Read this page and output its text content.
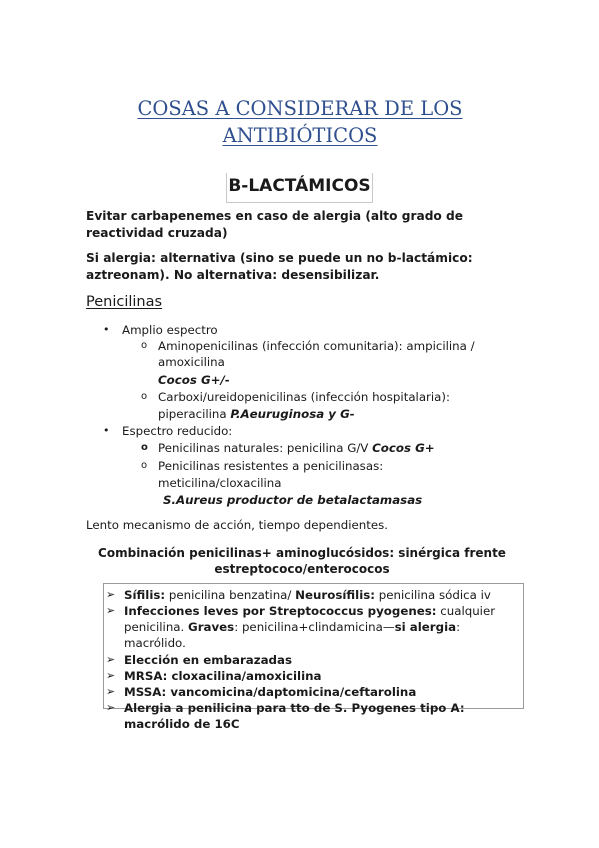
COSAS A CONSIDERAR DE LOS
ANTIBIÓTICOS
B-LACTÁMICOS
Evitar carbapenemes en caso de alergia (alto grado de reactividad cruzada)
Si alergia: alternativa (sino se puede un no b-lactámico: aztreonam). No alternativa: desensibilizar.
Penicilinas
• Amplio espectro
o Aminopenicilinas (infección comunitaria): ampicilina /
amoxicilina
Cocos G+/-
o Carboxi/ureidopenicilinas (infección hospitalaria):
piperacilina P.Aeuruginosa y G-
• Espectro reducido:
o Penicilinas naturales: penicilina G/V Cocos G+
o Penicilinas resistentes a penicilinasas:
meticilina/cloxacilina
S.Aureus productor de betalactamasas
Lento mecanismo de acción, tiempo dependientes.
Combinación penicilinas+ aminoglucósidos: sinérgica frente
estreptococo/enterococos
➢ Sífilis: penicilina benzatina/ Neurosífilis: penicilina sódica iv
➢ Infecciones leves por Streptococcus pyogenes: cualquier
penicilina. Graves: penicilina+clindamicina—si alergia:
macrólido.
➢ Elección en embarazadas
➢ MRSA: cloxacilina/amoxicilina
➢ MSSA: vancomicina/daptomicina/ceftarolina
➢ Alergia a penilicina para tto de S. Pyogenes tipo A:
macrólido de 16C
